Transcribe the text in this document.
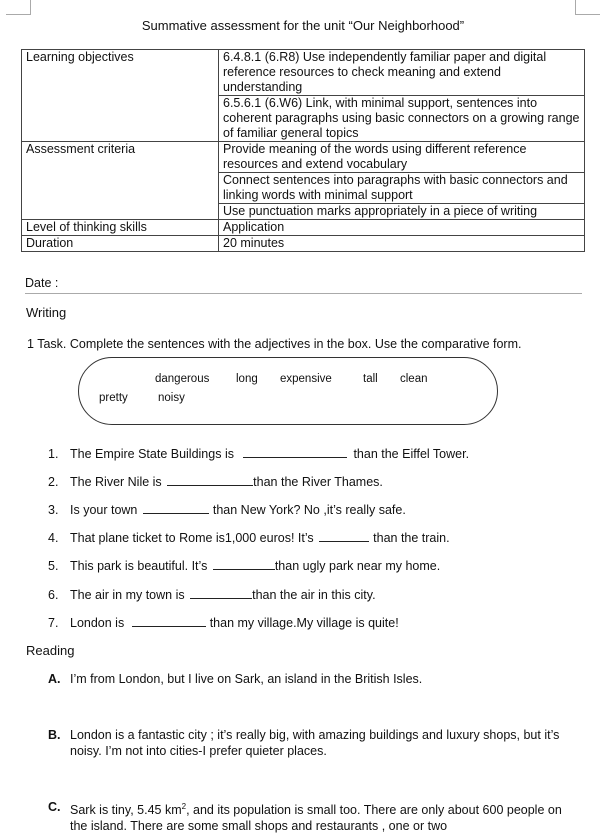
Summative assessment for the unit “Our Neighborhood”
Learning objectives	6.4.8.1 (6.R8) Use independently familiar paper and digital reference resources to check meaning and extend understanding
	6.5.6.1 (6.W6) Link, with minimal support, sentences into coherent paragraphs using basic connectors on a growing range of familiar general topics
Assessment criteria	Provide meaning of the words using different reference resources and extend vocabulary
	Connect sentences into paragraphs with basic connectors and linking words with minimal support
	Use punctuation marks appropriately in a piece of writing
Level of thinking skills	Application
Duration	20 minutes
Date :
Writing
1 Task. Complete the sentences with the adjectives in the box. Use the comparative form.
dangerous long expensive	tall clean
pretty	noisy
1. The Empire State Buildings is	than the Eiffel Tower.
2. The River Nile is	than the River Thames.
3. Is your town	than New York? No ,it’s really safe.
4. That plane ticket to Rome is1,000 euros! It’s	than the train.
5. This park is beautiful. It’s	than ugly park near my home.
6. The air in my town is	than the air in this city.
7. London is	than my village.My village is quite!
Reading
A. I’m from London, but I live on Sark, an island in the British Isles.
B. London is a fantastic city ; it’s really big, with amazing buildings and luxury shops, but it’s noisy. I’m not into cities-I prefer quieter places.
C. Sark is tiny, 5.45 $km^2$, and its population is small too. There are only about 600 people on the island. There are some small shops and restaurants , one or two
